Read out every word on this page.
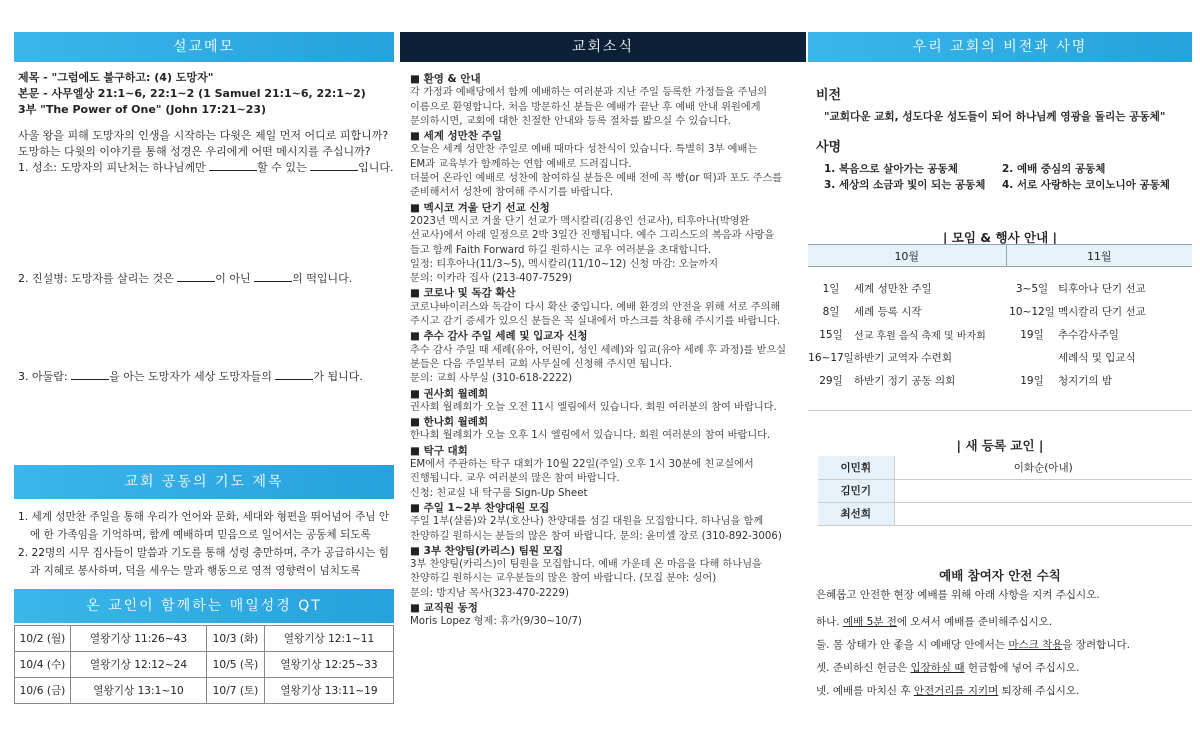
설교메모
제목 - "그럼에도 불구하고: (4) 도망자"
본문 - 사무엘상 21:1~6, 22:1~2 (1 Samuel 21:1~6, 22:1~2)
3부 "The Power of One" (John 17:21~23)
사울 왕을 피해 도망자의 인생을 시작하는 다윗은 제일 먼저 어디로 피합니까?
도망하는 다윗의 이야기를 통해 성경은 우리에게 어떤 메시지를 주십니까?
1. 성소: 도망자의 피난처는 하나님께만	할 수 있는	입니다.
2. 진설병: 도망자를 살리는 것은	이 아닌	의 떡입니다.
3. 아둘람:	을 아는 도망자가 세상 도망자들의	가 됩니다.
교회 공동의 기도 제목
1. 세계 성만찬 주일을 통해 우리가 언어와 문화, 세대와 형편을 뛰어넘어 주님 안에 한 가족임을 기억하며, 함께 예배하며 믿음으로 일어서는 공동체 되도록
2. 22명의 시무 집사들이 말씀과 기도를 통해 성령 충만하며, 주가 공급하시는 힘과 지혜로 봉사하며, 덕을 세우는 말과 행동으로 영적 영향력이 넘치도록
온 교인이 함께하는 매일성경 QT
10/2 (월)	열왕기상 11:26~43	10/3 (화)	열왕기상 12:1~11
10/4 (수)	열왕기상 12:12~24	10/5 (목)	열왕기상 12:25~33
10/6 (금)	열왕기상 13:1~10	10/7 (토)	열왕기상 13:11~19
교회소식
■ 환영 & 안내

각 가정과 예배당에서 함께 예배하는 여러분과 지난 주일 등록한 가정들을 주님의

이름으로 환영합니다. 처음 방문하신 분들은 예배가 끝난 후 예배 안내 위원에게

문의하시면, 교회에 대한 친절한 안내와 등록 절차를 밟으실 수 있습니다.

■ 세계 성만찬 주일

오늘은 세계 성만찬 주일로 예배 때마다 성찬식이 있습니다. 특별히 3부 예배는

EM과 교육부가 함께하는 연합 예배로 드려집니다.

더불어 온라인 예배로 성찬에 참여하실 분들은 예배 전에 꼭 빵(or 떡)과 포도 주스를

준비해서서 성찬에 참여해 주시기를 바랍니다.

■ 멕시코 겨울 단기 선교 신청

2023년 멕시코 겨울 단기 선교가 멕시칼리(김용인 선교사), 티후아나(박영완

선교사)에서 아래 일정으로 2박 3일간 진행됩니다. 예수 그리스도의 복음과 사랑을

들고 함께 Faith Forward 하길 원하시는 교우 여러분을 초대합니다.

일정: 티후아나(11/3~5), 멕시칼리(11/10~12) 신청 마감: 오늘까지

문의: 이카라 집사 (213-407-7529)

■ 코로나 및 독감 확산

코로나바이러스와 독감이 다시 확산 중입니다. 예배 환경의 안전을 위해 서로 주의해

주시고 감기 증세가 있으신 분들은 꼭 실내에서 마스크를 착용해 주시기를 바랍니다.

■ 추수 감사 주일 세례 및 입교자 신청

추수 감사 주일 때 세례(유아, 어린이, 성인 세례)와 입교(유아 세례 후 과정)를 받으실

분들은 다음 주일부터 교회 사무실에 신청해 주시면 됩니다.

문의: 교회 사무실 (310-618-2222)

■ 권사회 월례회

권사회 월례회가 오늘 오전 11시 엘림에서 있습니다. 회원 여러분의 참여 바랍니다.

■ 한나회 월례회

한나회 월례회가 오늘 오후 1시 엘림에서 있습니다. 회원 여러분의 참여 바랍니다.

■ 탁구 대회

EM에서 주관하는 탁구 대회가 10월 22일(주일) 오후 1시 30분에 친교실에서

진행됩니다. 교우 여러분의 많은 참여 바랍니다.

신청: 친교실 내 탁구룸 Sign-Up Sheet

■ 주일 1~2부 찬양대원 모집

주일 1부(샬롬)와 2부(호산나) 찬양대를 섬길 대원을 모집합니다. 하나님을 함께

찬양하길 원하시는 분들의 많은 참여 바랍니다. 문의: 윤미셸 장로 (310-892-3006)

■ 3부 찬양팀(카리스) 팀원 모집

3부 찬양팀(카리스)이 팀원을 모집합니다. 예배 가운데 온 마음을 다해 하나님을

찬양하길 원하시는 교우분들의 많은 참여 바랍니다. (모집 분야: 싱어)

문의: 방지남 목사(323-470-2229)

■ 교직원 동정

Moris Lopez 형제: 휴가(9/30~10/7)

우리 교회의 비전과 사명
비전
"교회다운 교회, 성도다운 성도들이 되어 하나님께 영광을 돌리는 공동체"
사명
1. 복음으로 살아가는 공동체	2. 예배 중심의 공동체
3. 세상의 소금과 빛이 되는 공동체	4. 서로 사랑하는 코이노니아 공동체
| 모임 & 행사 안내 |
10월		11월	

1일	세계 성만찬 주일	3~5일	티후아나 단기 선교
8일	세례 등록 시작	10~12일	멕시칼리 단기 선교
15일	선교 후원 음식 축제 및 바자회	19일	추수감사주일
16~17일	하반기 교역자 수련회		세례식 및 입교식
29일	하반기 정기 공동 의회	19일	청지기의 밤
| 새 등록 교인 |
이민휘	이화순(아내)
김민기	
최선희	
예배 참여자 안전 수칙
은혜롭고 안전한 현장 예배를 위해 아래 사항을 지켜 주십시오.
하나. 예배 5분 전에 오셔서 예배를 준비해주십시오.
둘. 몸 상태가 안 좋을 시 예배당 안에서는 마스크 착용을 장려합니다.
셋. 준비하신 헌금은 입장하실 때 헌금함에 넣어 주십시오.
넷. 예배를 마치신 후 안전거리를 지키며 퇴장해 주십시오.
